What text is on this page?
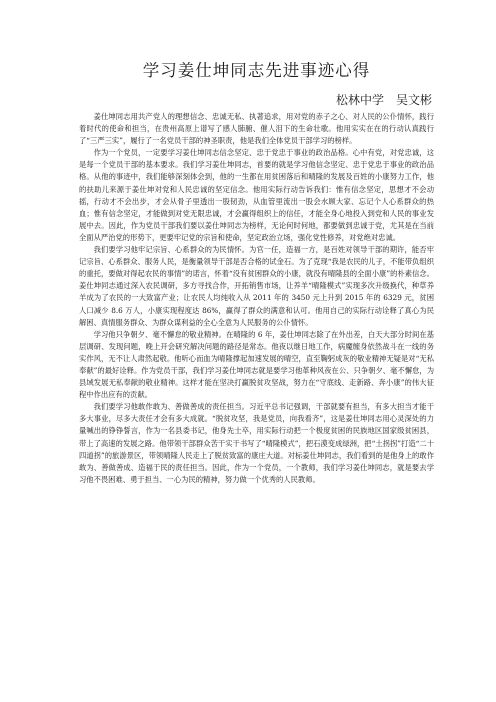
学习姜仕坤同志先进事迹心得
松林中学　吴文彬

姜仕坤同志用共产党人的理想信念、忠诚无私、执著追求，用对党的赤子之心、对人民的公仆情怀，践行着时代的使命和担当，在贵州高原上谱写了感人肺腑、催人泪下的生命壮歌。他用实实在在的行动认真践行了“三严三实”，履行了一名党员干部的神圣职责，他是我们全体党员干部学习的榜样。

作为一个党员，一定要学习姜仕坤同志信念坚定、忠于党忠于事业的政治品格。心中有党，对党忠诚，这是每一个党员干部的基本要求。我们学习姜仕坤同志，首要的就是学习他信念坚定、忠于党忠于事业的政治品格。从他的事迹中，我们能够深刻体会到，他的一生都在用贫困落后和晴隆的发展及百姓的小康努力工作，他的扶助儿来源于姜仕坤对党和人民忠诚的坚定信念。他用实际行动告诉我们：惟有信念坚定，思想才不会动摇，行动才不会出步，才会从骨子里透出一股韧劲，从血管里流出一股会水顾大家、忘记个人心系群众的热血；惟有信念坚定，才能做到对党无限忠诚，才会赢得组织上的信任，才能全身心地投入到党和人民的事业发展中去。因此，作为党员干部我们要以姜仕坤同志为榜样，无论何时何地，都要做到忠诚于党，尤其是在当前全面从严治党的形势下，更要牢记党的宗旨和使命，坚定政治立场，强化党性修养，对党绝对忠诚。

我们要学习他牢记宗旨、心系群众的为民情怀。为官一任，造福一方，是百姓对领导干部的期许，能否牢记宗旨、心系群众、服务人民，是衡量领导干部是否合格的试金石。为了克现“我是农民的儿子，不能带负组织的重托，要做对得起农民的事情”的诺言，怀着“没有贫困群众的小康，就没有晴隆县的全面小康”的朴素信念。姜仕坤同志通过深入农民调研，多方寻找合作，开拓销售市场，让养羊“晴隆模式”实现多次升级换代，种草养羊成为了农民的一大致富产业；让农民人均纯收入从 2011 年的 3450 元上升到 2015 年的 6329 元，贫困人口减少 8.6 万人，小康实现程度达 86%，赢得了群众的满意和认可。他用自己的实际行动诠释了真心为民解困、真情服务群众、为群众谋利益的全心全意为人民服务的公仆情怀。

学习他只争朝夕、毫不懈怠的敬业精神。在晴隆的 6 年，姜仕坤同志除了在外出差，白天大部分时间在基层调研、发现问题，晚上开会研究解决问题的路径是常态。他夜以继日地工作，病魔缠身依然战斗在一线的务实作风，无不让人肃然起敬。他听心而血为晴隆撑起加速发展的晴空，直至鞠躬成灰的敬业精神无疑是对“无私奉献”的最好诠释。作为党员干部，我们学习姜仕坤同志就是要学习他革种风夜在公、只争朝夕、毫不懈怠，为县域发展无私奉献的敬业精神。这样才能在坚决打赢脱贫攻坚战，努力在“守底线、走新路、奔小康”的伟大征程中作出应有的贡献。

我们要学习他敢作敢为、善做善成的责任担当。习近平总书记强调，干部就要有担当，有多大担当才能干多大事业，尽多大责任才会有多大成就。“脱贫攻坚，我是党员，向我看齐”，这是姜仕坤同志用心灵深处的力量喊出的铮铮誓言，作为一名县委书记，他身先士卒，用实际行动把一个极度贫困的民族地区国家级贫困县，带上了高速的发展之路。他带领干部群众苦干实干书写了“晴隆模式”，把石漠变成绿洲，把“土拐拐”打造“二十四道拐”的旅游景区，带领晴隆人民走上了脱贫致富的康庄大道。对标姜仕坤同志，我们看到的是他身上的敢作敢为、善做善成、造福于民的责任担当。因此，作为一个党员，一个教师，我们学习姜仕坤同志，就是要去学习他不畏困难、勇于担当、一心为民的精神，努力做一个优秀的人民教师。
